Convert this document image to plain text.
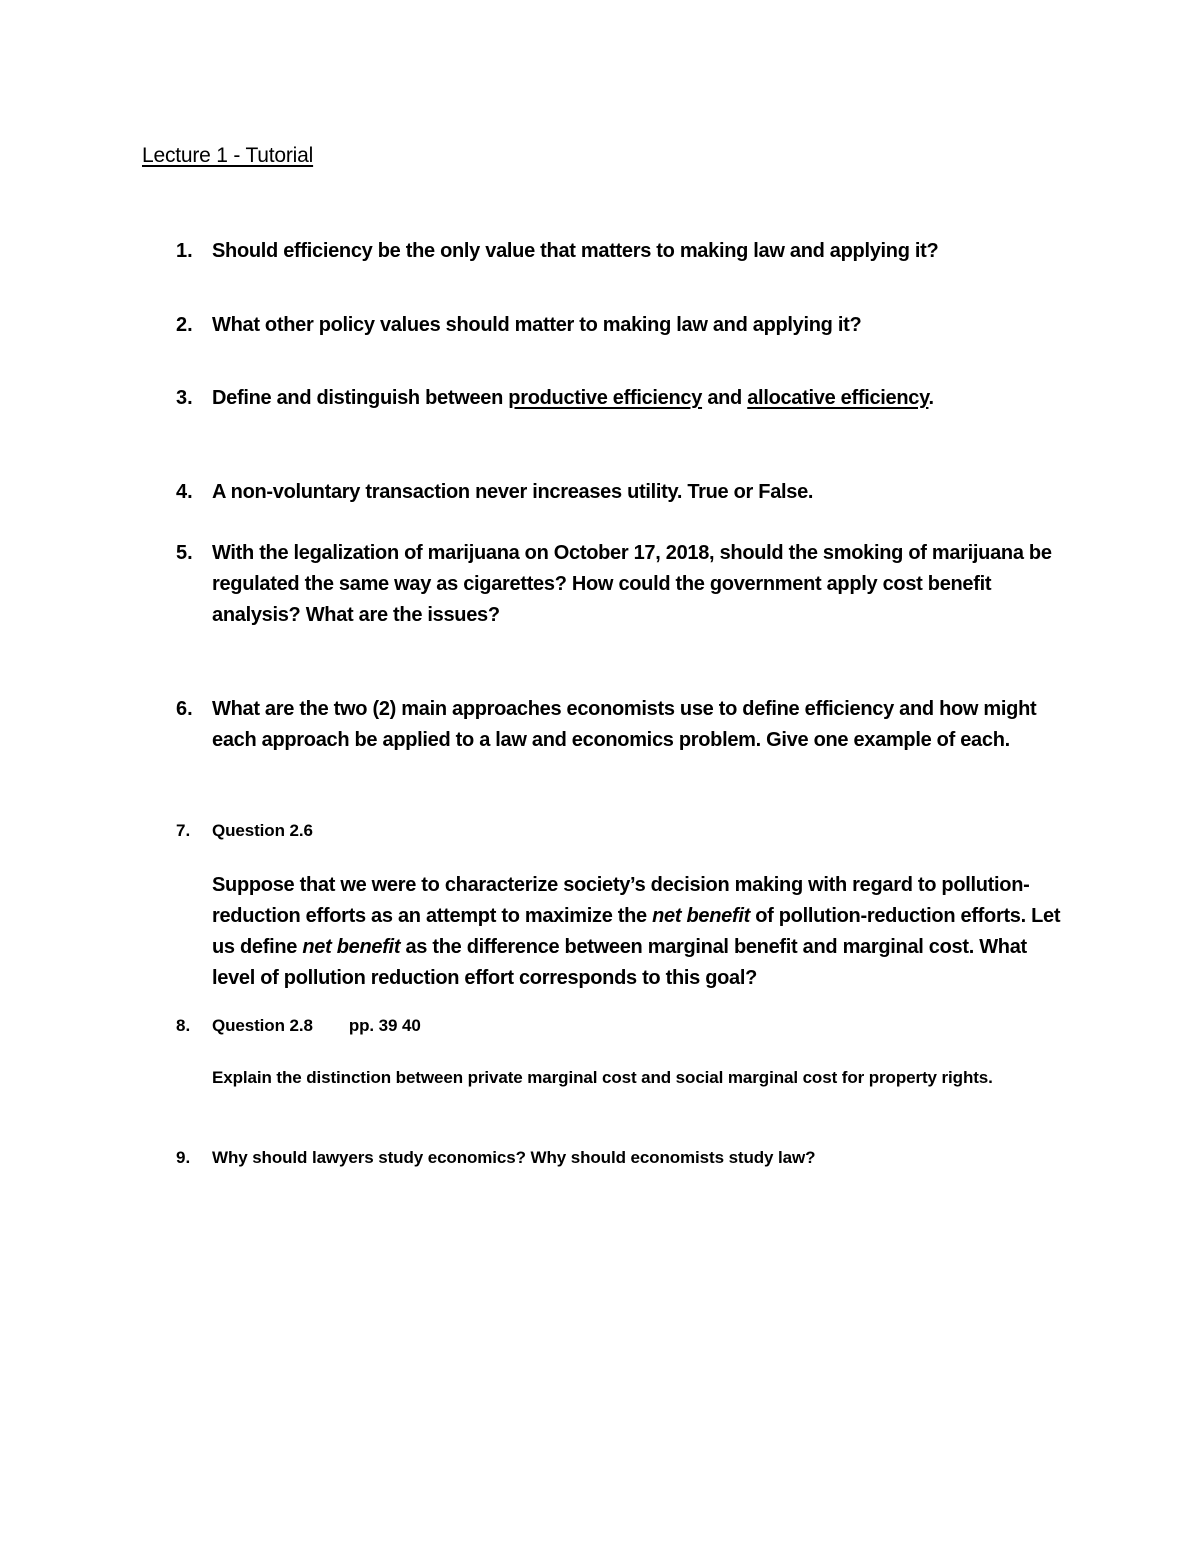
Lecture 1 - Tutorial
1. Should efficiency be the only value that matters to making law and applying it?
2. What other policy values should matter to making law and applying it?
3. Define and distinguish between productive efficiency and allocative efficiency.
4. A non-voluntary transaction never increases utility. True or False.
5. With the legalization of marijuana on October 17, 2018, should the smoking of marijuana be regulated the same way as cigarettes? How could the government apply cost benefit analysis? What are the issues?
6. What are the two (2) main approaches economists use to define efficiency and how might each approach be applied to a law and economics problem. Give one example of each.
7. Question 2.6
Suppose that we were to characterize society’s decision making with regard to pollution-reduction efforts as an attempt to maximize the net benefit of pollution-reduction efforts. Let us define net benefit as the difference between marginal benefit and marginal cost. What level of pollution reduction effort corresponds to this goal?
8. Question 2.8 pp. 39 40
Explain the distinction between private marginal cost and social marginal cost for property rights.
9. Why should lawyers study economics? Why should economists study law?
